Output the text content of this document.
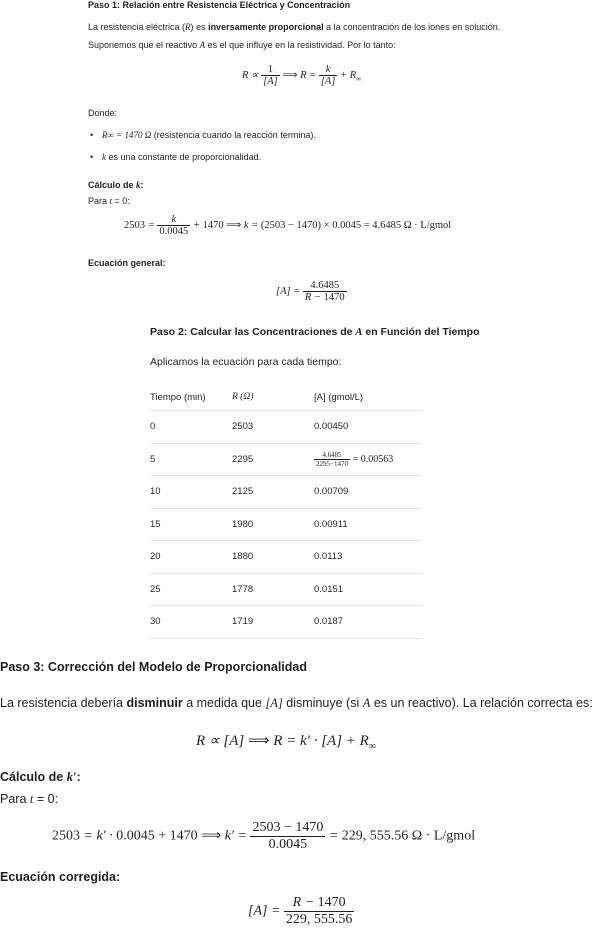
Paso 1: Relación entre Resistencia Eléctrica y Concentración
La resistencia eléctrica (R) es inversamente proporcional a la concentración de los iones en solución.
Suponemos que el reactivo A es el que influye en la resistividad. Por lo tanto:
$R \propto \frac{1}{[A]}$ ⟹ $R = \frac{k}{[A]} + R_\infty$
Donde:
• R∞ = 1470 Ω (resistencia cuando la reacción termina).
• k es una constante de proporcionalidad.
Cálculo de k:
Para t = 0:
$2503 = \frac{k}{0.0045} + 1470$ ⟹ k = (2503 − 1470) × 0.0045 = 4.6485 Ω · L/gmol
Ecuación general:
$[A] = \frac{4.6485}{R - 1470}$
Paso 2: Calcular las Concentraciones de A en Función del Tiempo
Aplicamos la ecuación para cada tiempo:
Tiempo (min)	R (Ω)	[A] (gmol/L)
0	2503	0.00450
5	2295	$\frac{4.6485}{2295-1470} = 0.00563$
10	2125	0.00709
15	1980	0.00911
20	1880	0.0113
25	1778	0.0151
30	1719	0.0187
Paso 3: Corrección del Modelo de Proporcionalidad
La resistencia debería disminuir a medida que [A] disminuye (si A es un reactivo). La relación correcta es:
R ∝ [A] ⟹ $R = k' \cdot [A] + R_\infty$
Cálculo de k′:
Para t = 0:
2503 = k′ · 0.0045 + 1470 ⟹ $k' = \frac{2503 - 1470}{0.0045} = 229$, 555.56 Ω · L/gmol
Ecuación corregida:
$[A] = \frac{R - 1470}{229, 555.56}$
